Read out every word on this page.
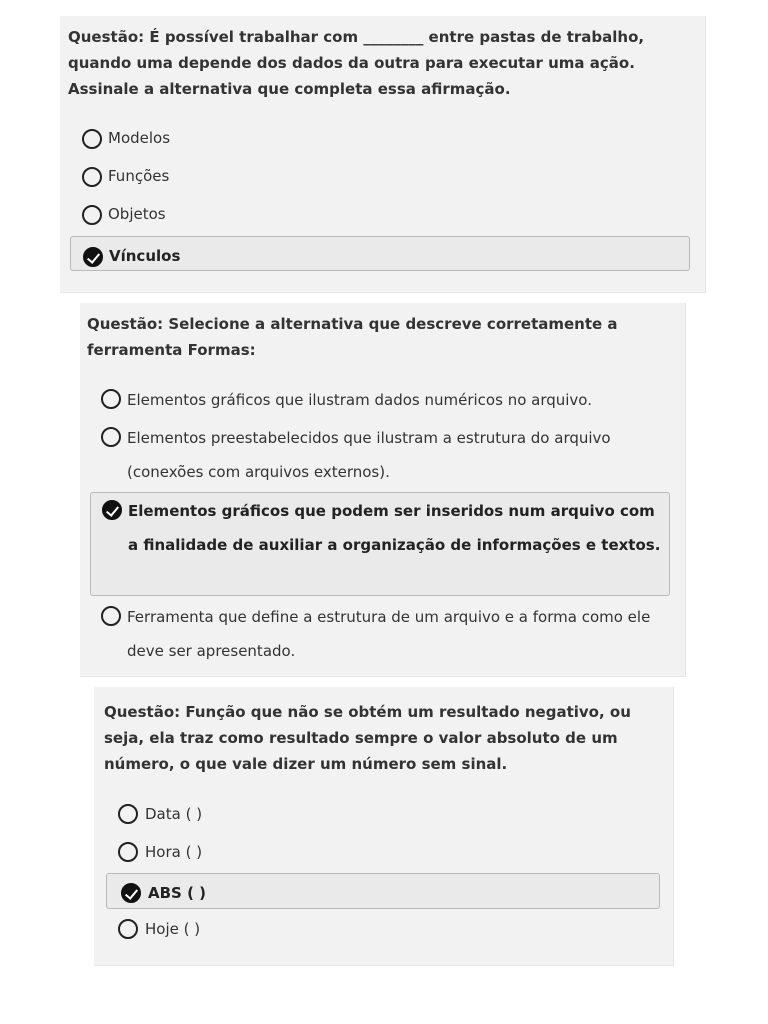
Questão: É possível trabalhar com ________ entre pastas de trabalho, quando uma depende dos dados da outra para executar uma ação. Assinale a alternativa que completa essa afirmação.

Modelos
Funções
Objetos
Vínculos

Questão: Selecione a alternativa que descreve corretamente a ferramenta Formas:

Elementos gráficos que ilustram dados numéricos no arquivo.
Elementos preestabelecidos que ilustram a estrutura do arquivo (conexões com arquivos externos).
Elementos gráficos que podem ser inseridos num arquivo com a finalidade de auxiliar a organização de informações e textos.
Ferramenta que define a estrutura de um arquivo e a forma como ele deve ser apresentado.

Questão: Função que não se obtém um resultado negativo, ou seja, ela traz como resultado sempre o valor absoluto de um número, o que vale dizer um número sem sinal.

Data ( )
Hora ( )
ABS ( )
Hoje ( )
